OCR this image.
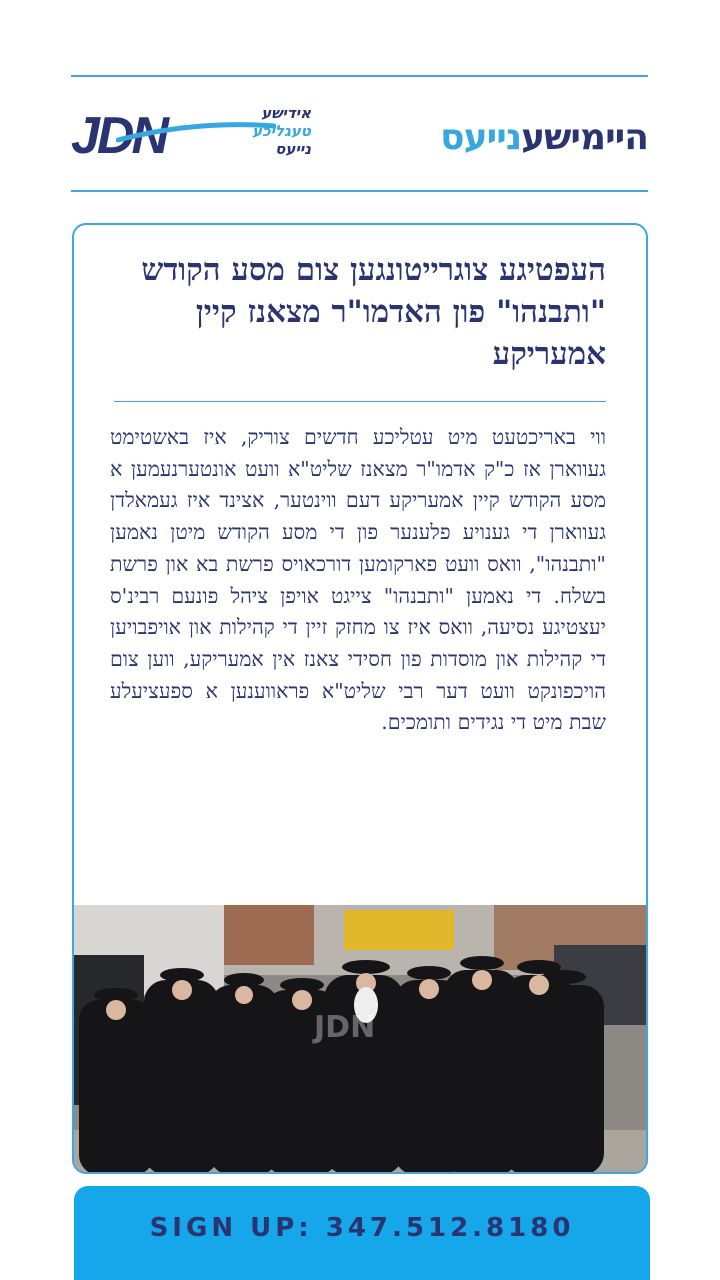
JDN	אידישע
טעגליכע
נייעס	היימישענייעס
העפטיגע צוגרייטונגען צום מסע הקודש "ותבנהו" פון האדמו"ר מצאנז קיין אמעריקע
ווי באריכטעט מיט עטליכע חדשים צוריק, איז באשטימט געווארן אז כ"ק אדמו"ר מצאנז שליט"א וועט אונטערנעמען א מסע הקודש קיין אמעריקע דעם ווינטער, אצינד איז געמאלדן געווארן די גענויע פלענער פון די מסע הקודש מיטן נאמען "ותבנהו", וואס וועט פארקומען דורכאויס פרשת בא און פרשת בשלח. די נאמען "ותבנהו" צייגט אויפן ציהל פונעם רבינ'ס יעצטיגע נסיעה, וואס איז צו מחזק זיין די קהילות און אויפבויען די קהילות און מוסדות פון חסידי צאנז אין אמעריקע, ווען צום הויכפונקט וועט דער רבי שליט"א פראווענען א ספעציעלע שבת מיט די נגידים ותומכים.
JDN
SIGN UP: 347.512.8180
